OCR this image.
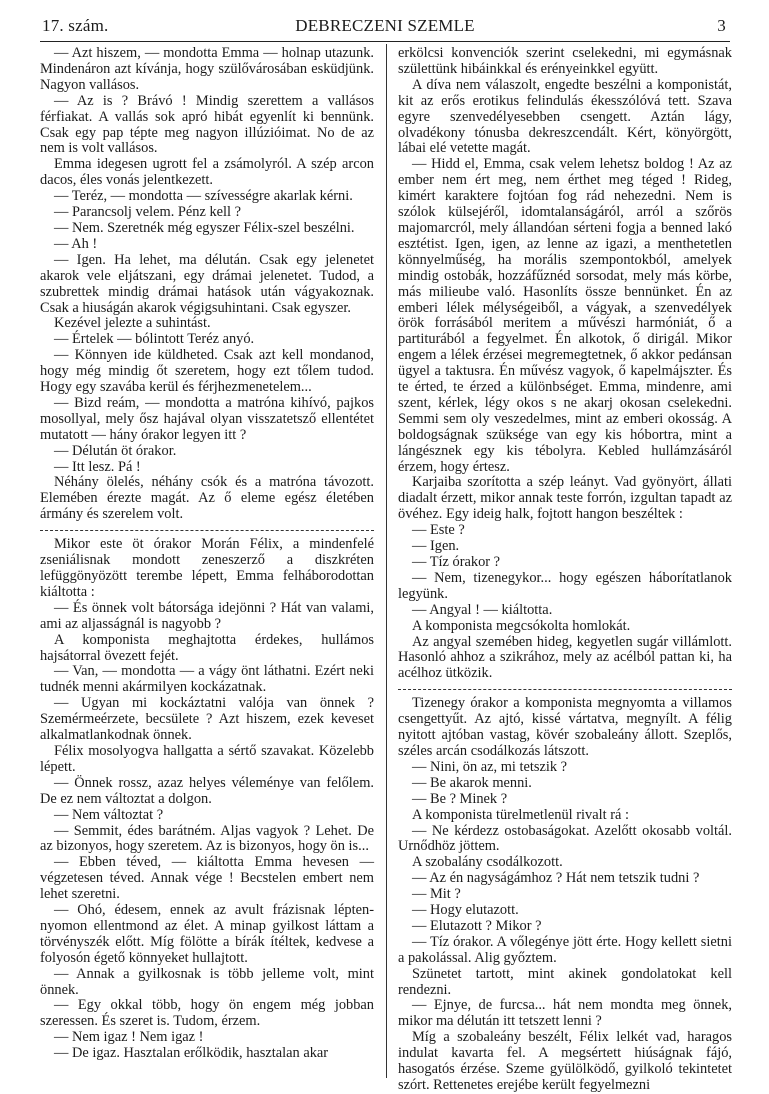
17. szám.	DEBRECZENI SZEMLE	3

— Azt hiszem, — mondotta Emma — holnap utazunk. Mindenáron azt kívánja, hogy szülővárosában esküdjünk. Nagyon vallásos.

— Az is ? Brávó ! Mindig szerettem a vallásos férfiakat. A vallás sok apró hibát egyenlít ki bennünk. Csak egy pap tépte meg nagyon illúzióimat. No de az nem is volt vallásos.

Emma idegesen ugrott fel a zsámolyról. A szép arcon dacos, éles vonás jelentkezett.

— Teréz, — mondotta — szívességre akarlak kérni.

— Parancsolj velem. Pénz kell ?

— Nem. Szeretnék még egyszer Félix-szel beszélni.

— Ah !

— Igen. Ha lehet, ma délután. Csak egy jelenetet akarok vele eljátszani, egy drámai jelenetet. Tudod, a szubrettek mindig drámai hatások után vágyakoznak. Csak a hiuságán akarok végigsuhintani. Csak egyszer.

Kezével jelezte a suhintást.

— Értelek — bólintott Teréz anyó.

— Könnyen ide küldheted. Csak azt kell mondanod, hogy még mindig őt szeretem, hogy ezt tőlem tudod. Hogy egy szavába kerül és férjhezmenetelem...

— Bizd reám, — mondotta a matróna kihívó, pajkos mosollyal, mely ősz hajával olyan visszatetsző ellentétet mutatott — hány órakor legyen itt ?

— Délután öt órakor.

— Itt lesz. Pá !

Néhány ölelés, néhány csók és a matróna távozott. Elemében érezte magát. Az ő eleme egész életében ármány és szerelem volt.

Mikor este öt órakor Morán Félix, a mindenfelé zseniálisnak mondott zeneszerző a diszkréten lefüggönyözött terembe lépett, Emma felháborodottan kiáltotta :

— És önnek volt bátorsága idejönni ? Hát van valami, ami az aljasságnál is nagyobb ?

A komponista meghajtotta érdekes, hullámos hajsátorral övezett fejét.

— Van, — mondotta — a vágy önt láthatni. Ezért neki tudnék menni akármilyen kockázatnak.

— Ugyan mi kockáztatni valója van önnek ? Szemérmeérzete, becsülete ? Azt hiszem, ezek keveset alkalmatlankodnak önnek.

Félix mosolyogva hallgatta a sértő szavakat. Közelebb lépett.

— Önnek rossz, azaz helyes véleménye van felőlem. De ez nem változtat a dolgon.

— Nem változtat ?

— Semmit, édes barátném. Aljas vagyok ? Lehet. De az bizonyos, hogy szeretem. Az is bizonyos, hogy ön is...

— Ebben téved, — kiáltotta Emma hevesen — végzetesen téved. Annak vége ! Becstelen embert nem lehet szeretni.

— Ohó, édesem, ennek az avult frázisnak lépten-nyomon ellentmond az élet. A minap gyilkost láttam a törvényszék előtt. Míg fölötte a bírák ítéltek, kedvese a folyosón égető könnyeket hullajtott.

— Annak a gyilkosnak is több jelleme volt, mint önnek.

— Egy okkal több, hogy ön engem még jobban szeressen. És szeret is. Tudom, érzem.

— Nem igaz ! Nem igaz !

— De igaz. Hasztalan erőlködik, hasztalan akar

erkölcsi konvenciók szerint cselekedni, mi egymásnak születtünk hibáinkkal és erényeinkkel együtt.

A díva nem válaszolt, engedte beszélni a komponistát, kit az erős erotikus felindulás ékesszólóvá tett. Szava egyre szenvedélyesebben csengett. Aztán lágy, olvadékony tónusba dekreszcendált. Kért, könyörgött, lábai elé vetette magát.

— Hidd el, Emma, csak velem lehetsz boldog ! Az az ember nem ért meg, nem érthet meg téged ! Rideg, kimért karaktere fojtóan fog rád nehezedni. Nem is szólok külsejéről, idomtalanságáról, arról a szőrös majomarcról, mely állandóan sérteni fogja a benned lakó esztétist. Igen, igen, az lenne az igazi, a menthetetlen könnyelműség, ha morális szempontokból, amelyek mindig ostobák, hozzáfűznéd sorsodat, mely más körbe, más milieube való. Hasonlíts össze bennünket. Én az emberi lélek mélységeiből, a vágyak, a szenvedélyek örök forrásából meritem a művészi harmóniát, ő a partiturából a fegyelmet. Én alkotok, ő dirigál. Mikor engem a lélek érzései megremegtetnek, ő akkor pedánsan ügyel a taktusra. Én művész vagyok, ő kapelmájszter. És te érted, te érzed a különbséget. Emma, mindenre, ami szent, kérlek, légy okos s ne akarj okosan cselekedni. Semmi sem oly veszedelmes, mint az emberi okosság. A boldogságnak szüksége van egy kis hóbortra, mint a lángésznek egy kis tébolyra. Kebled hullámzásáról érzem, hogy értesz.

Karjaiba szorította a szép leányt. Vad gyönyört, állati diadalt érzett, mikor annak teste forrón, izgultan tapadt az övéhez. Egy ideig halk, fojtott hangon beszéltek :

— Este ?

— Igen.

— Tíz órakor ?

— Nem, tizenegykor... hogy egészen háborítatlanok legyünk.

— Angyal ! — kiáltotta.

A komponista megcsókolta homlokát.

Az angyal szemében hideg, kegyetlen sugár villámlott. Hasonló ahhoz a szikrához, mely az acélból pattan ki, ha acélhoz ütközik.

Tizenegy órakor a komponista megnyomta a villamos csengettyűt. Az ajtó, kissé vártatva, megnyílt. A félig nyitott ajtóban vastag, kövér szobaleány állott. Szeplős, széles arcán csodálkozás látszott.

— Nini, ön az, mi tetszik ?

— Be akarok menni.

— Be ? Minek ?

A komponista türelmetlenül rivalt rá :

— Ne kérdezz ostobaságokat. Azelőtt okosabb voltál. Urnődhöz jöttem.

A szobalány csodálkozott.

— Az én nagyságámhoz ? Hát nem tetszik tudni ?

— Mit ?

— Hogy elutazott.

— Elutazott ? Mikor ?

— Tíz órakor. A vőlegénye jött érte. Hogy kellett sietni a pakolással. Alig győztem.

Szünetet tartott, mint akinek gondolatokat kell rendezni.

— Ejnye, de furcsa... hát nem mondta meg önnek, mikor ma délután itt tetszett lenni ?

Míg a szobaleány beszélt, Félix lelkét vad, haragos indulat kavarta fel. A megsértett hiúságnak fájó, hasogatós érzése. Szeme gyülölködő, gyilkoló tekintetet szórt. Rettenetes erejébe került fegyelmezni
